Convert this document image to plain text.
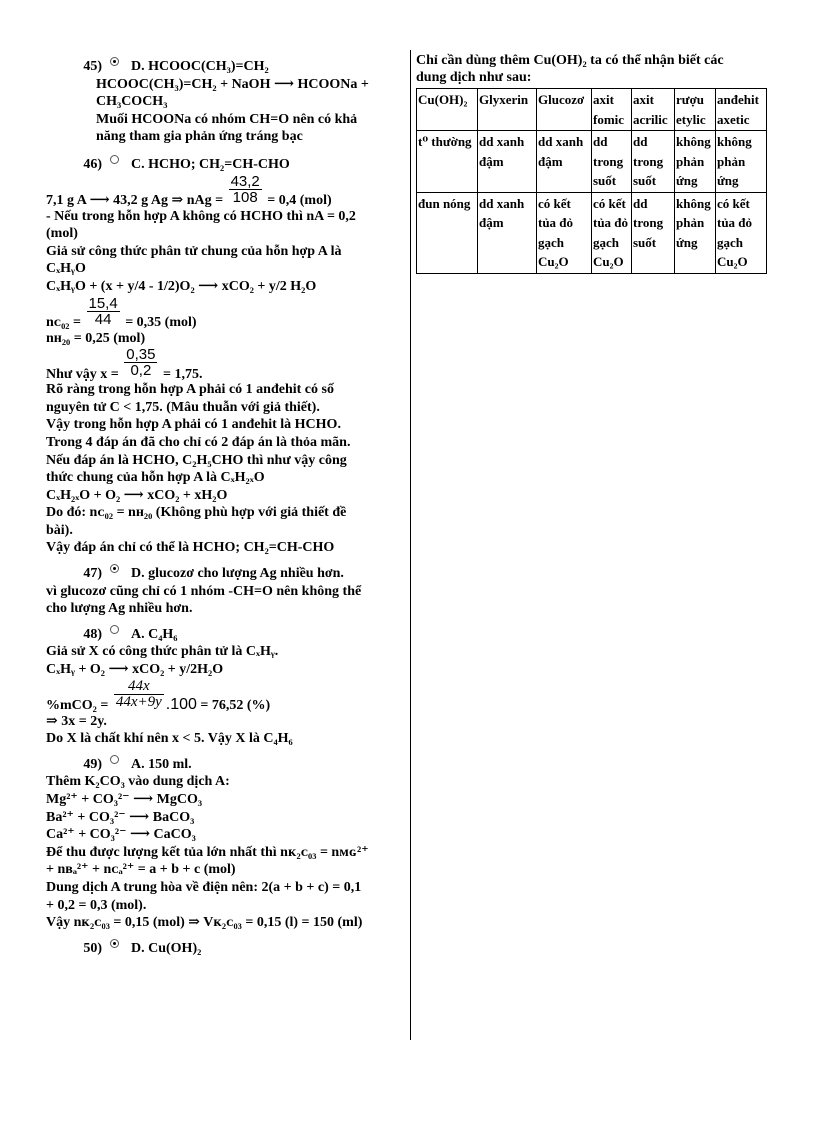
45) D. HCOOC(CH₃)=CH₂
HCOOC(CH₃)=CH₂ + NaOH ⟶ HCOONa +
CH₃COCH₃
Muối HCOONa có nhóm CH=O nên có khả
năng tham gia phản ứng tráng bạc
46) C. HCHO; CH₂=CH-CHO
7,1 g A ⟶ 43,2 g Ag ⇒ nAg = $\frac{43,2}{108} = 0,4$ (mol)
- Nếu trong hỗn hợp A không có HCHO thì nA = 0,2
(mol)
Giả sử công thức phân tử chung của hỗn hợp A là
CₓHᵧO
CₓHᵧO + (x + y/4 - 1/2)O₂ ⟶ xCO₂ + y/2 H₂O
nᴄ₀₂ = $\frac{15,4}{44} = 0,35$ (mol)
nʜ₂₀ = 0,25 (mol)
Như vậy $x = \frac{0,35}{0,2} = 1,75$.
Rõ ràng trong hỗn hợp A phải có 1 anđehit có số
nguyên tử C < 1,75. (Mâu thuẫn với giả thiết).
Vậy trong hỗn hợp A phải có 1 anđehit là HCHO.
Trong 4 đáp án đã cho chỉ có 2 đáp án là thỏa mãn.
Nếu đáp án là HCHO, C₂H₅CHO thì như vậy công
thức chung của hỗn hợp A là CₓH₂ₓO
CₓH₂ₓO + O₂ ⟶ xCO₂ + xH₂O
Do đó: nᴄ₀₂ = nʜ₂₀ (Không phù hợp với giả thiết đề
bài).
Vậy đáp án chỉ có thể là HCHO; CH₂=CH-CHO
47) D. glucozơ cho lượng Ag nhiều hơn.
vì glucozơ cũng chỉ có 1 nhóm -CH=O nên không thể
cho lượng Ag nhiều hơn.
48) A. C₄H₆
Giả sử X có công thức phân tử là CₓHᵧ.
CₓHᵧ + O₂ ⟶ xCO₂ + y/2H₂O
$\%mCO_2 = \frac{44x}{44x+9y} .100 = 76,52$ (%)
⇒ 3x = 2y.
Do X là chất khí nên x < 5. Vậy X là C₄H₆
49) A. 150 ml.
Thêm K₂CO₃ vào dung dịch A:
Mg²⁺ + CO₃²⁻ ⟶ MgCO₃
Ba²⁺ + CO₃²⁻ ⟶ BaCO₃
Ca²⁺ + CO₃²⁻ ⟶ CaCO₃
Để thu được lượng kết tủa lớn nhất thì nᴋ₂ᴄ₀₃ = nᴍɢ²⁺
+ nʙₐ²⁺ + nᴄₐ²⁺ = a + b + c (mol)
Dung dịch A trung hòa về điện nên: 2(a + b + c) = 0,1
+ 0,2 = 0,3 (mol).
Vậy nᴋ₂ᴄ₀₃ = 0,15 (mol) ⇒ Vᴋ₂ᴄ₀₃ = 0,15 (l) = 150 (ml)
50) D. Cu(OH)₂
Chỉ cần dùng thêm Cu(OH)₂ ta có thể nhận biết các
dung dịch như sau:
Cu(OH)₂	Glyxerin	Glucozơ	axit fomic	axit acrilic	rượu etylic	anđehit axetic
t⁰ thường	dd xanh đậm	dd xanh đậm	dd trong suốt	dd trong suốt	không phản ứng	không phản ứng
đun nóng	dd xanh đậm	có kết tủa đỏ gạch Cu₂O	có kết tủa đỏ gạch Cu₂O	dd trong suốt	không phản ứng	có kết tủa đỏ gạch Cu₂O
